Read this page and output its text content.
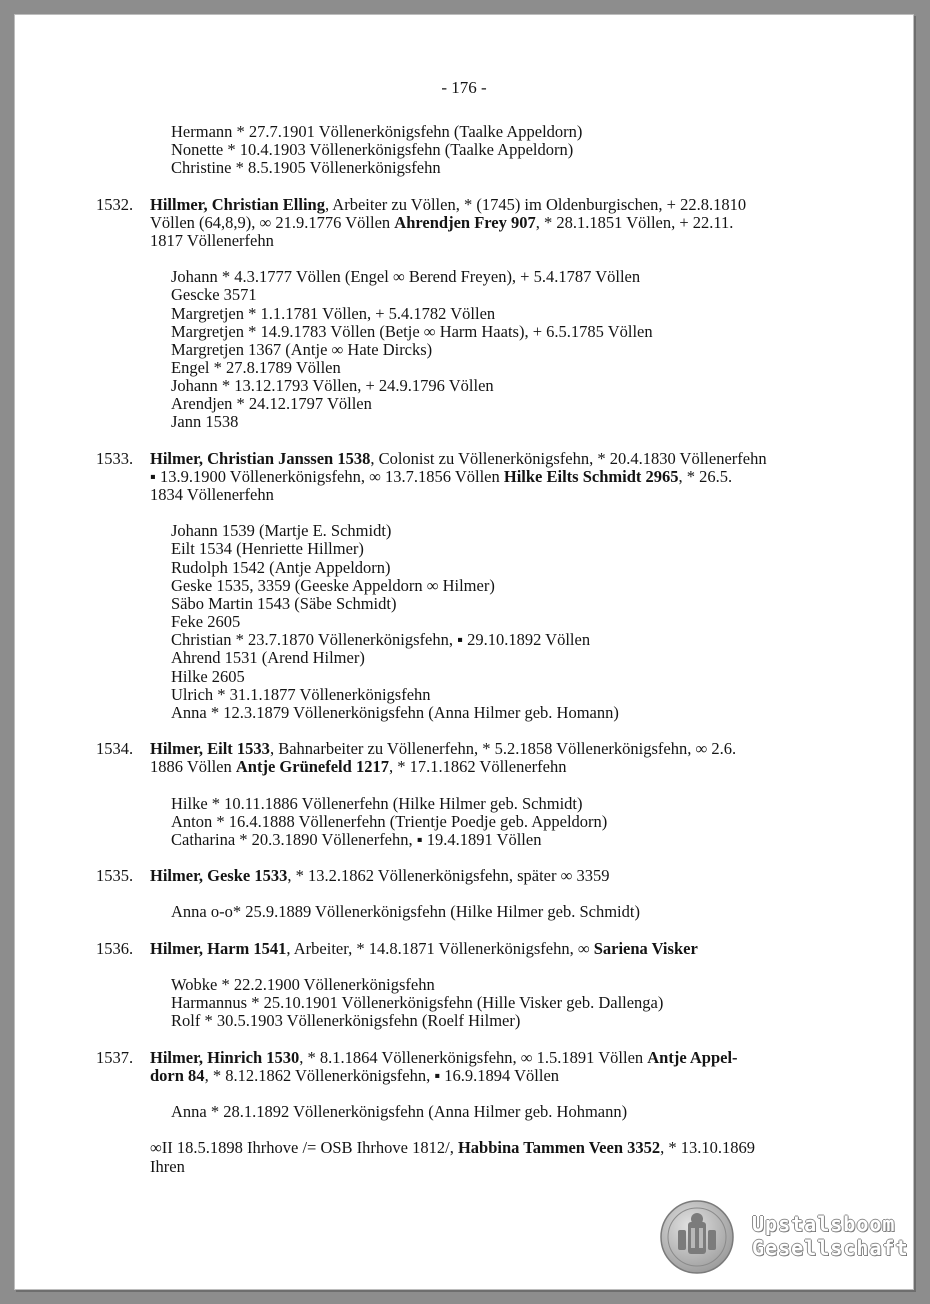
- 176 -
Hermann * 27.7.1901 Völlenerkönigsfehn (Taalke Appeldorn)
Nonette * 10.4.1903 Völlenerkönigsfehn (Taalke Appeldorn)
Christine * 8.5.1905 Völlenerkönigsfehn
1532. Hillmer, Christian Elling, Arbeiter zu Völlen, * (1745) im Oldenburgischen, + 22.8.1810
Völlen (64,8,9), ∞ 21.9.1776 Völlen Ahrendjen Frey 907, * 28.1.1851 Völlen, + 22.11.
1817 Völlenerfehn
Johann * 4.3.1777 Völlen (Engel ∞ Berend Freyen), + 5.4.1787 Völlen
Gescke 3571
Margretjen * 1.1.1781 Völlen, + 5.4.1782 Völlen
Margretjen * 14.9.1783 Völlen (Betje ∞ Harm Haats), + 6.5.1785 Völlen
Margretjen 1367 (Antje ∞ Hate Dircks)
Engel * 27.8.1789 Völlen
Johann * 13.12.1793 Völlen, + 24.9.1796 Völlen
Arendjen * 24.12.1797 Völlen
Jann 1538
1533. Hilmer, Christian Janssen 1538, Colonist zu Völlenerkönigsfehn, * 20.4.1830 Völlenerfehn
▪ 13.9.1900 Völlenerkönigsfehn, ∞ 13.7.1856 Völlen Hilke Eilts Schmidt 2965, * 26.5.
1834 Völlenerfehn
Johann 1539 (Martje E. Schmidt)
Eilt 1534 (Henriette Hillmer)
Rudolph 1542 (Antje Appeldorn)
Geske 1535, 3359 (Geeske Appeldorn ∞ Hilmer)
Säbo Martin 1543 (Säbe Schmidt)
Feke 2605
Christian * 23.7.1870 Völlenerkönigsfehn, ▪ 29.10.1892 Völlen
Ahrend 1531 (Arend Hilmer)
Hilke 2605
Ulrich * 31.1.1877 Völlenerkönigsfehn
Anna * 12.3.1879 Völlenerkönigsfehn (Anna Hilmer geb. Homann)
1534. Hilmer, Eilt 1533, Bahnarbeiter zu Völlenerfehn, * 5.2.1858 Völlenerkönigsfehn, ∞ 2.6.
1886 Völlen Antje Grünefeld 1217, * 17.1.1862 Völlenerfehn
Hilke * 10.11.1886 Völlenerfehn (Hilke Hilmer geb. Schmidt)
Anton * 16.4.1888 Völlenerfehn (Trientje Poedje geb. Appeldorn)
Catharina * 20.3.1890 Völlenerfehn, ▪ 19.4.1891 Völlen
1535. Hilmer, Geske 1533, * 13.2.1862 Völlenerkönigsfehn, später ∞ 3359
Anna o-o* 25.9.1889 Völlenerkönigsfehn (Hilke Hilmer geb. Schmidt)
1536. Hilmer, Harm 1541, Arbeiter, * 14.8.1871 Völlenerkönigsfehn, ∞ Sariena Visker
Wobke * 22.2.1900 Völlenerkönigsfehn
Harmannus * 25.10.1901 Völlenerkönigsfehn (Hille Visker geb. Dallenga)
Rolf * 30.5.1903 Völlenerkönigsfehn (Roelf Hilmer)
1537. Hilmer, Hinrich 1530, * 8.1.1864 Völlenerkönigsfehn, ∞ 1.5.1891 Völlen Antje Appel-
dorn 84, * 8.12.1862 Völlenerkönigsfehn, ▪ 16.9.1894 Völlen
Anna * 28.1.1892 Völlenerkönigsfehn (Anna Hilmer geb. Hohmann)
∞II 18.5.1898 Ihrhove /= OSB Ihrhove 1812/, Habbina Tammen Veen 3352, * 13.10.1869
Ihren
Upstalsboom
Gesellschaft
